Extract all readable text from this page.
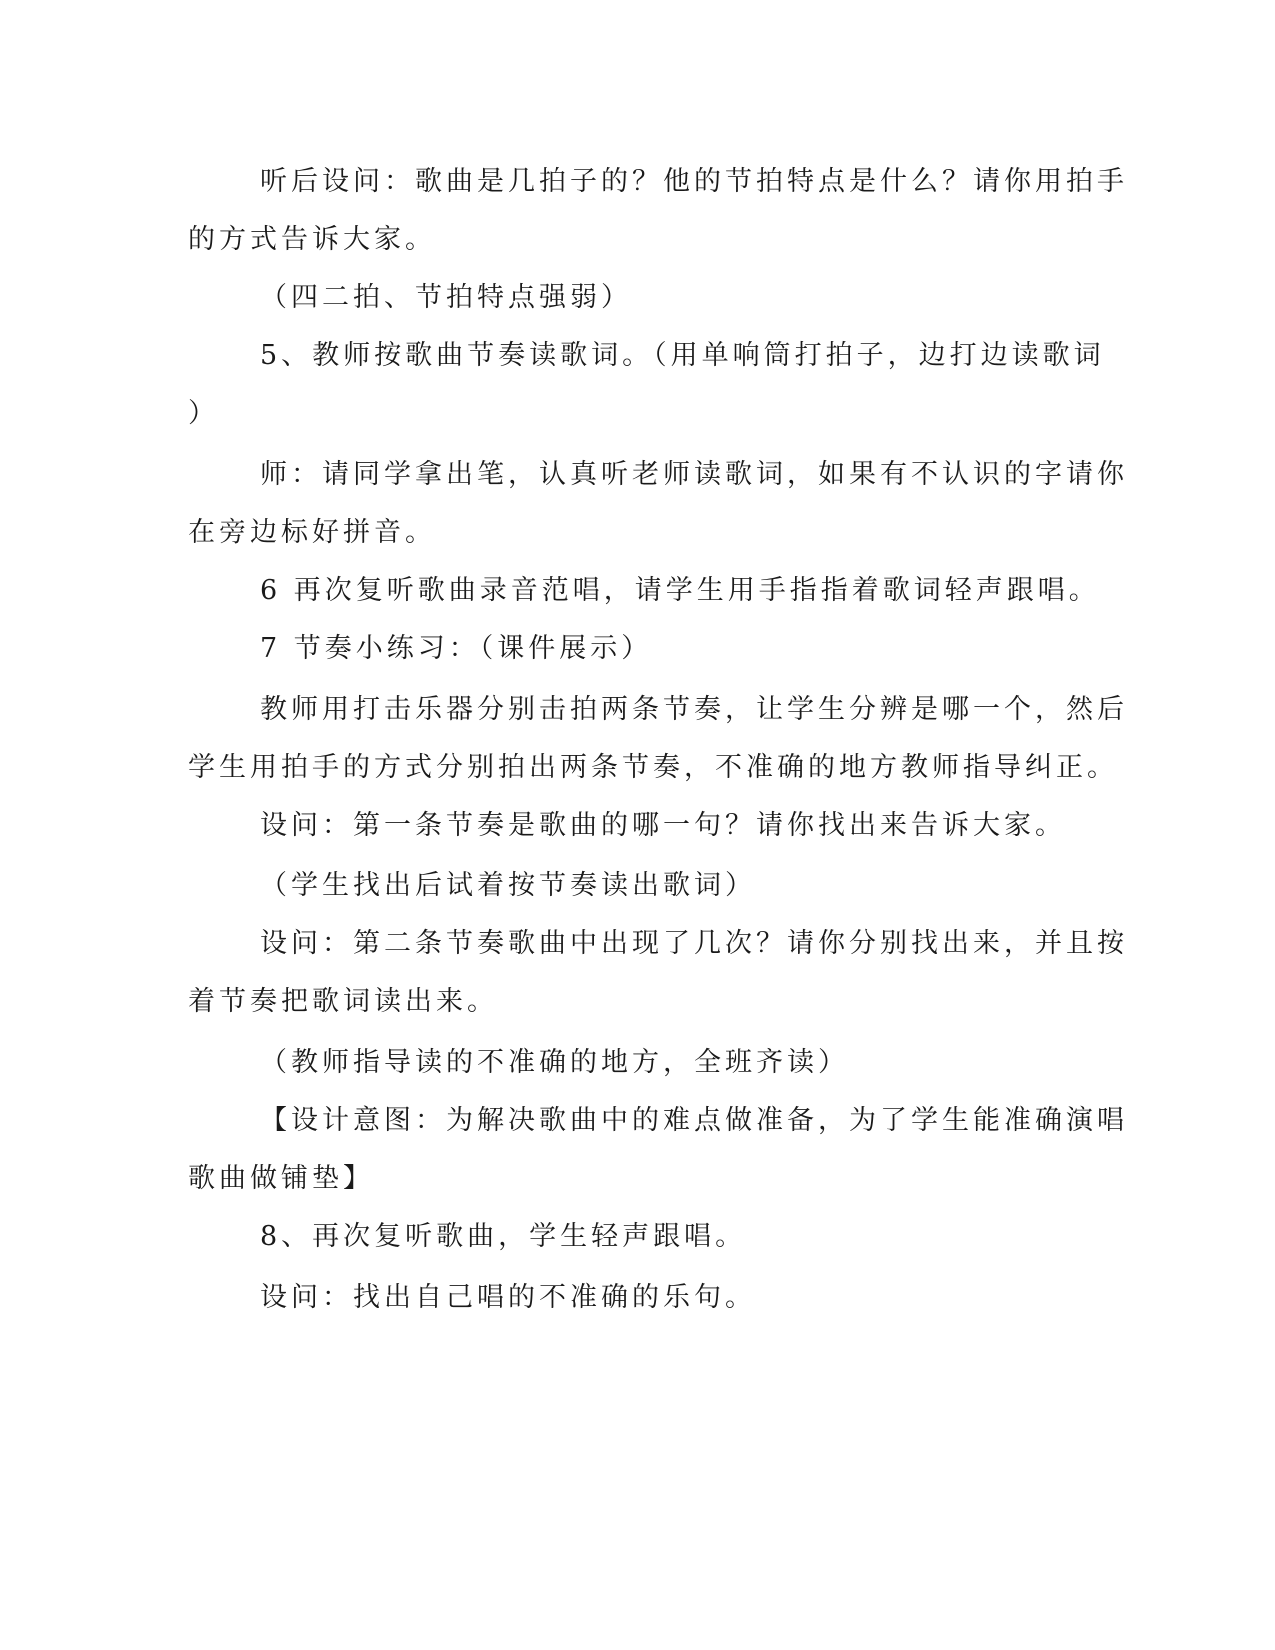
听后设问：歌曲是几拍子的？他的节拍特点是什么？请你用拍手
的方式告诉大家。
（四二拍、节拍特点强弱）
5、教师按歌曲节奏读歌词。（用单响筒打拍子，边打边读歌词
）
师：请同学拿出笔，认真听老师读歌词，如果有不认识的字请你
在旁边标好拼音。
6 再次复听歌曲录音范唱，请学生用手指指着歌词轻声跟唱。
7 节奏小练习：（课件展示）
教师用打击乐器分别击拍两条节奏，让学生分辨是哪一个，然后
学生用拍手的方式分别拍出两条节奏，不准确的地方教师指导纠正。
设问：第一条节奏是歌曲的哪一句？请你找出来告诉大家。
（学生找出后试着按节奏读出歌词）
设问：第二条节奏歌曲中出现了几次？请你分别找出来，并且按
着节奏把歌词读出来。
（教师指导读的不准确的地方，全班齐读）
【设计意图：为解决歌曲中的难点做准备，为了学生能准确演唱
歌曲做铺垫】
8、再次复听歌曲，学生轻声跟唱。
设问：找出自己唱的不准确的乐句。
